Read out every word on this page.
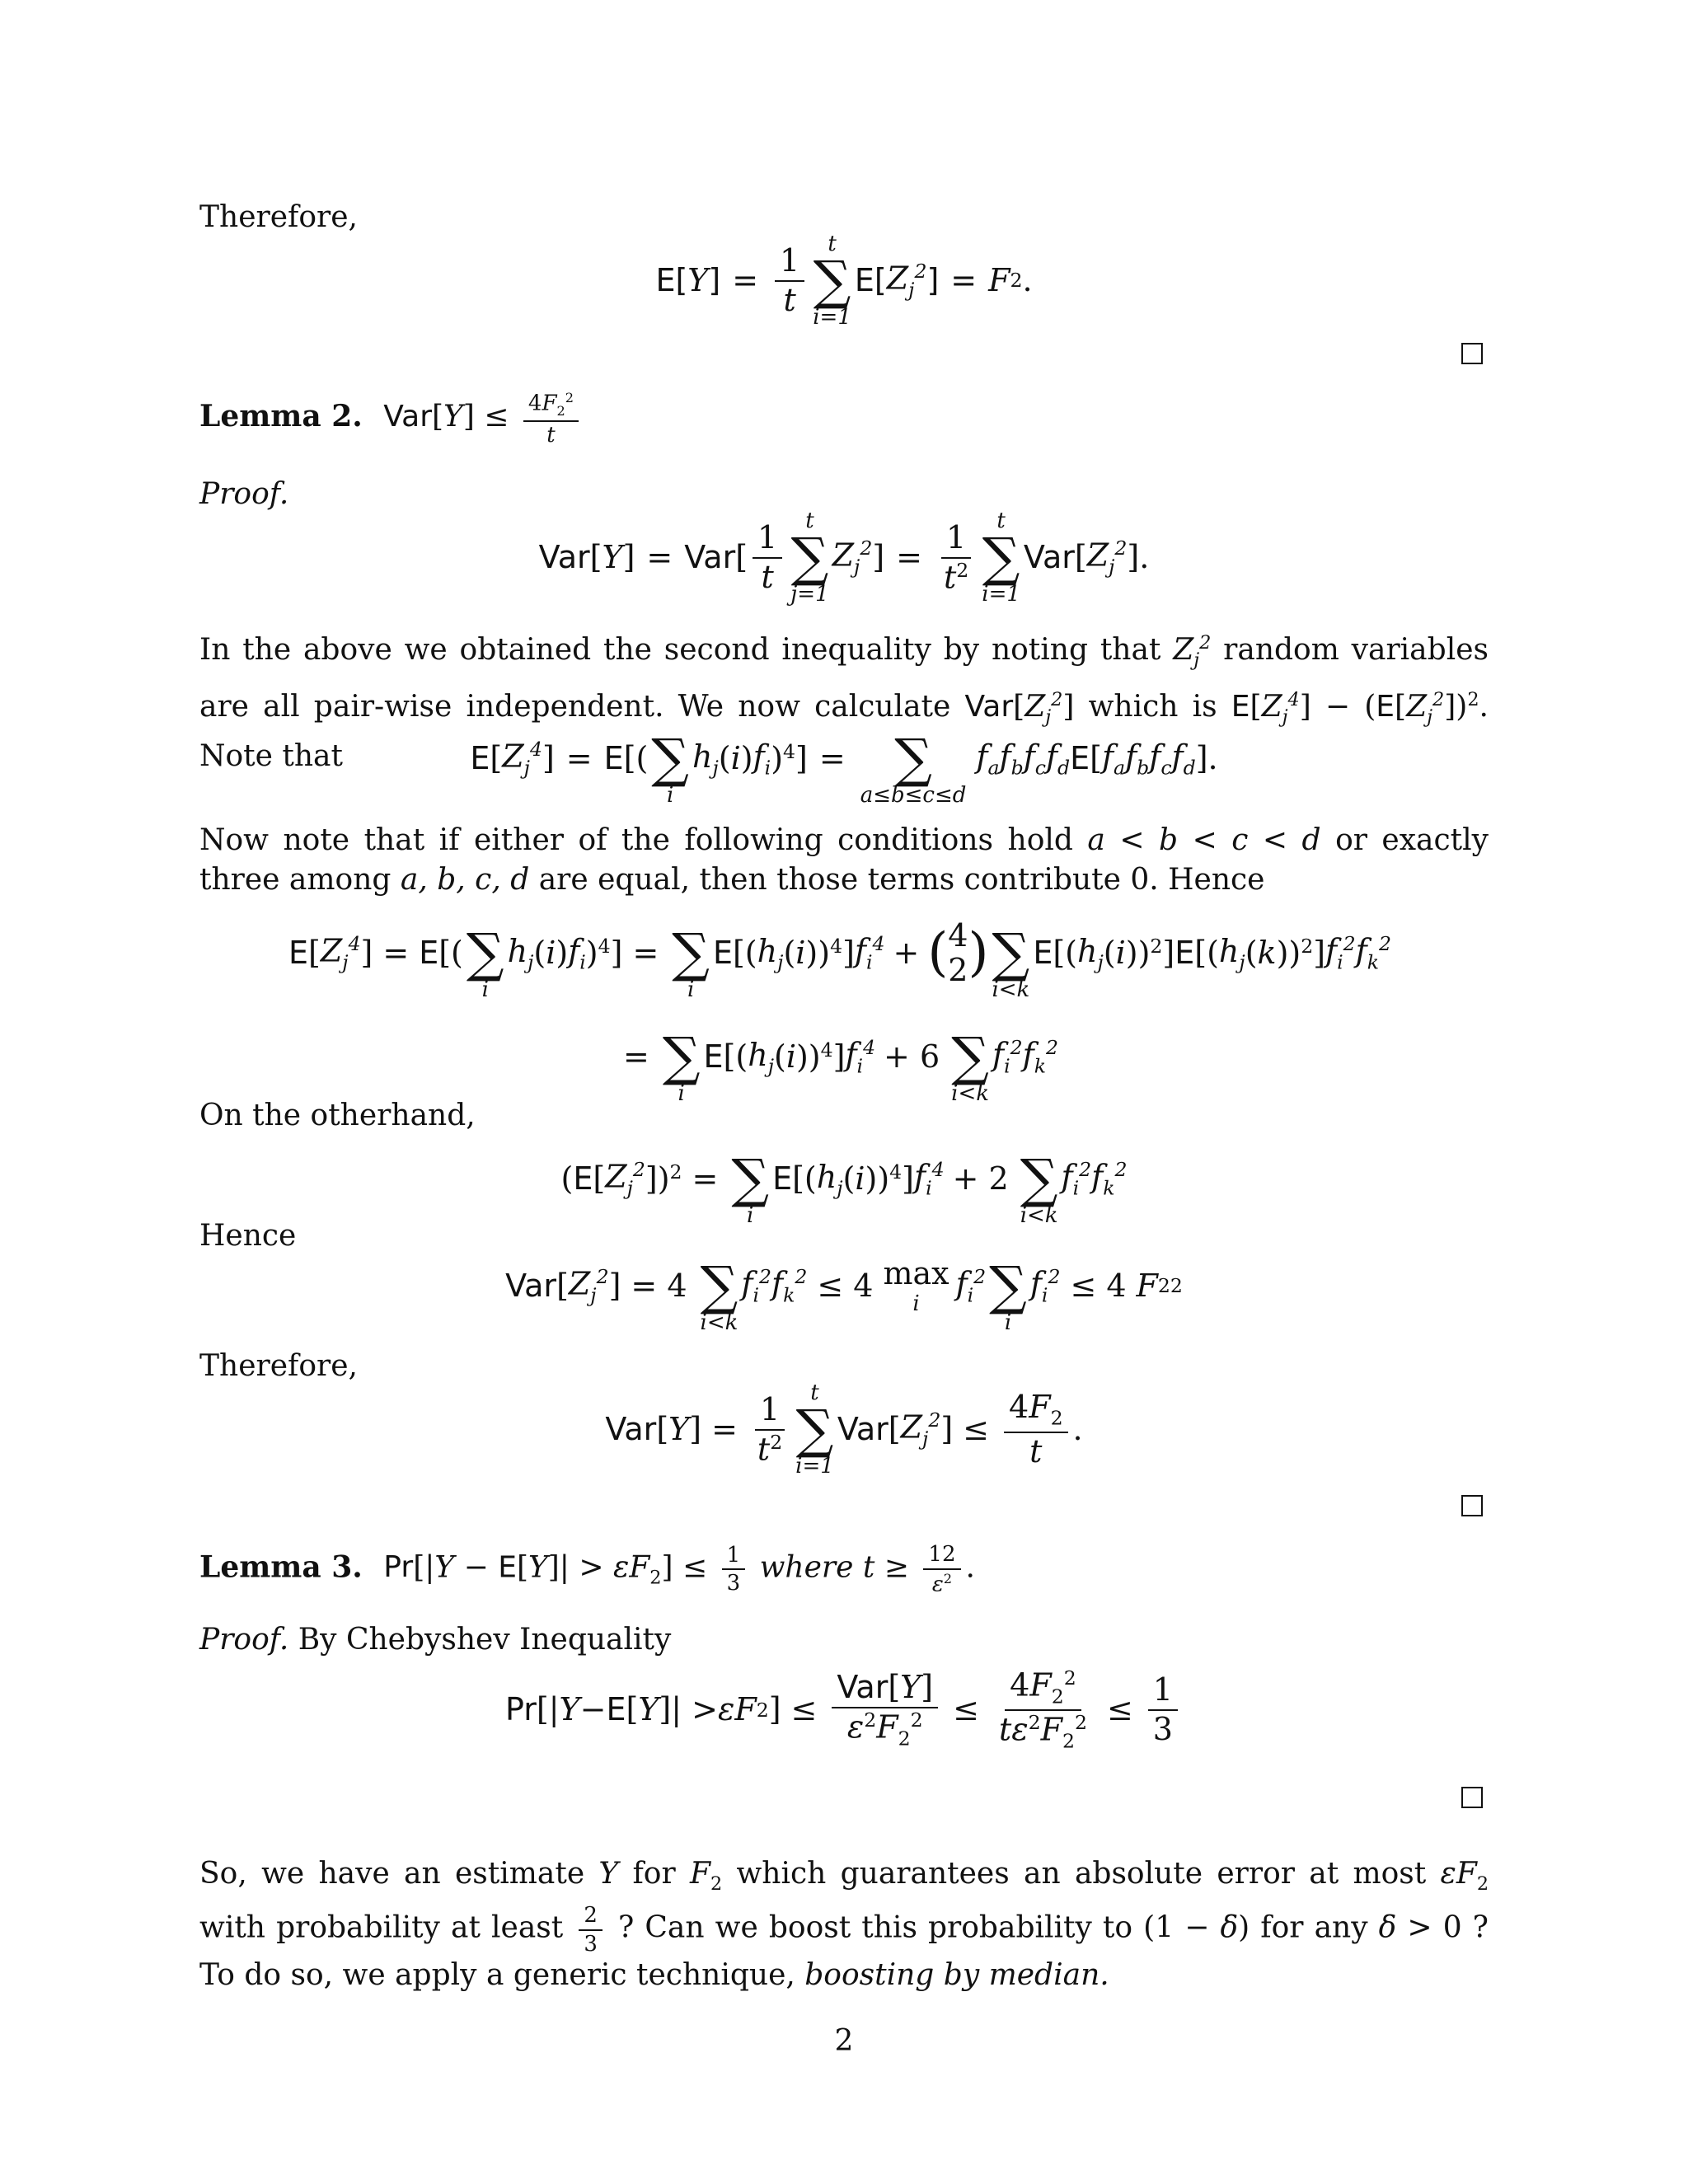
Therefore,
E [ Y ] = $\frac{1}{t}$
t
∑
i=1
E [ $Z_j^2$ ] = F 2 .
Lemma 2. $Var[Y] \le \frac{4F_2^2}{t}$
Proof.
Var [ Y ] = Var [ $\frac{1}{t}$
t
∑
j=1
$Z_j^2$ ] = $\frac{1}{t^2}$ t
∑
i=1
Var [ $Z_j^2$ ].
In the above we obtained the second inequality by noting that $Z_j^2$ random variables are all pair-wise independent. We now calculate $Var[Z_j^2]$ which is $E[Z_j^4] - (E[Z_j^2])^2$. Note that	E [ $Z_j^4$ ] = E [(
∑
i
$h_j$ ( i ) $f_i$ )$^4$] =
∑
a≤b≤c≤d
$f_af_bf_cf_d$ E [ $f_af_bf_cf_d$ ].
Now note that if either of the following conditions hold a < b < c < d or exactly three among a, b, c, d are equal, then those terms contribute 0. Hence
E [ $Z_j^4$ ] = E [(
∑
i
$h_j$ ( i ) $f_i$ )$^4$] =
∑
i
E [( $h_j$ ( i ))$^4$] $f_i^4$ + ( 4
2 )
∑
i<k
E [( $h_j$ ( i ))$^2$] E [( $h_j$ ( k ))$^2$] $f_i^2f_k^2$
=
∑
i
E [( $h_j$ ( i ))$^4$] $f_i^4 + 6$
∑
i<k
$f_i^2f_k^2$
On the otherhand,
( E [ $Z_j^2$ ])$^2$ =
∑
i
E [( $h_j$ ( i ))$^4$] $f_i^4 + 2$
∑
i<k
$f_i^2f_k^2$
Hence
Var [ $Z_j^2$ ] = 4
∑
i<k
$f_i^2f_k^2 \le 4$ max
i
$f_i^2$
∑
i
$f_i^2 \le 4$ F 2 2
Therefore,
Var [ Y ] = $\frac{1}{t^2}$ t
∑
i=1
Var [ $Z_j^2$ ] ≤ $\frac{4F_2}{t}$ .
Lemma 3. $Pr[|Y - E[Y]| > \varepsilon F_2] \le \frac{1}{3}$ where $t \ge \frac{12}{\varepsilon^2}$ .
Proof. By Chebyshev Inequality
Pr [| Y − E [ Y ]| > εF 2 ] ≤ $\frac{\text{Var[Y]}}{\varepsilon^2F_2^2} \le \frac{4F_2^2}{t\varepsilon^2F_2^2} \le \frac{1}{3}$
So, we have an estimate Y for $F_2$ which guarantees an absolute error at most $\varepsilon F_2$ with probability at least $\frac{2}{3}$ ? Can we boost this probability to (1 − δ) for any δ > 0 ? To do so, we apply a generic technique, boosting by median.
2
